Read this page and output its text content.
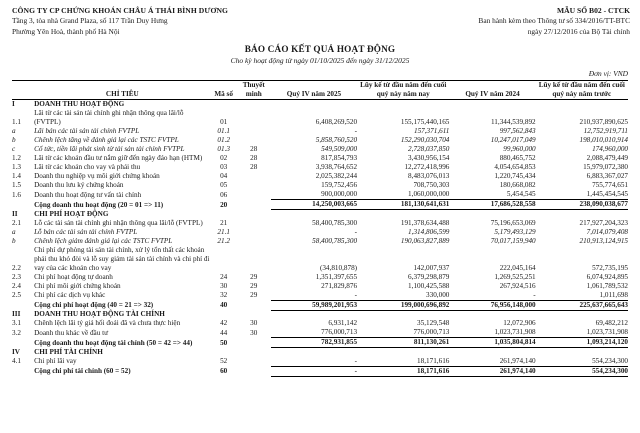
CÔNG TY CP CHỨNG KHOÁN CHÂU Á THÁI BÌNH DƯƠNG
Tầng 3, tòa nhà Grand Plaza, số 117 Trần Duy Hưng
Phường Yên Hoà, thành phố Hà Nội
MẪU SỐ B02 - CTCK
Ban hành kèm theo Thông tư số 334/2016/TT-BTC
ngày 27/12/2016 của Bộ Tài chính
BÁO CÁO KẾT QUẢ HOẠT ĐỘNG
Cho kỳ hoạt động từ ngày 01/10/2025 đến ngày 31/12/2025
Đơn vị: VND
	CHỈ TIÊU	Mã số	Thuyết minh	Quý IV năm 2025	Lũy kế từ đầu năm đến cuối quý này năm nay	Quý IV năm 2024	Lũy kế từ đầu năm đến cuối quý này năm trước
I	DOANH THU HOẠT ĐỘNG						
1.1	Lãi từ các tài sản tài chính ghi nhận thông qua lãi/lỗ (FVTPL)	01		6,408,269,520	155,175,440,165	11,344,539,892	210,937,890,625
a	Lãi bán các tài sản tài chính FVTPL	01.1		-	157,371,611	997,562,843	12,752,919,711
b	Chênh lệch tăng về đánh giá lại các TSTC FVTPL	01.2		5,858,760,520	152,290,030,704	10,247,017,049	198,010,010,914
c	Cổ tức, tiền lãi phát sinh từ tài sản tài chính FVTPL	01.3	28	549,509,000	2,728,037,850	99,960,000	174,960,000
1.2	Lãi từ các khoản đầu tư nắm giữ đến ngày đáo hạn (HTM)	02	28	817,854,793	3,430,956,154	880,465,752	2,088,479,449
1.3	Lãi từ các khoản cho vay và phải thu	03	28	3,938,764,652	12,272,418,996	4,054,654,853	15,979,072,380
1.4	Doanh thu nghiệp vụ môi giới chứng khoán	04		2,025,382,244	8,483,076,013	1,220,745,434	6,883,367,027
1.5	Doanh thu lưu ký chứng khoán	05		159,752,456	708,750,303	180,668,082	755,774,651
1.6	Doanh thu hoạt động tư vấn tài chính	06		900,000,000	1,060,000,000	5,454,545	1,445,454,545
	Cộng doanh thu hoạt động (20 = 01 => 11)	20		14,250,003,665	181,130,641,631	17,686,528,558	238,090,038,677
II	CHI PHÍ HOẠT ĐỘNG						
2.1	Lỗ các tài sản tài chính ghi nhận thông qua lãi/lỗ (FVTPL)	21		58,400,785,300	191,378,634,488	75,196,653,069	217,927,204,323
a	Lỗ bán các tài sản tài chính FVTPL	21.1		-	1,314,806,599	5,179,493,129	7,014,079,408
b	Chênh lệch giảm đánh giá lại các TSTC FVTPL	21.2		58,400,785,300	190,063,827,889	70,017,159,940	210,913,124,915
2.2	Chi phí dự phòng tài sản tài chính, xử lý tổn thất các khoản phải thu khó đòi và lỗ suy giảm tài sản tài chính và chi phí đi vay của các khoản cho vay			(34,810,878)	142,007,937	222,045,164	572,735,195
2.3	Chi phí hoạt động tự doanh	24	29	1,351,397,655	6,379,298,879	1,269,525,251	6,074,924,895
2.4	Chi phí môi giới chứng khoán	30	29	271,829,876	1,100,425,588	267,924,516	1,061,789,532
2.5	Chi phí các dịch vụ khác	32	29	-	330,000	-	1,011,698
	Cộng chi phí hoạt động (40 = 21 => 32)	40		59,989,201,953	199,000,696,892	76,956,148,000	225,637,665,643
III	DOANH THU HOẠT ĐỘNG TÀI CHÍNH						
3.1	Chênh lệch lãi tỷ giá hối đoái đã và chưa thực hiện	42	30	6,931,142	35,129,548	12,072,906	69,482,212
3.2	Doanh thu khác về đầu tư	44	30	776,000,713	776,000,713	1,023,731,908	1,023,731,908
	Cộng doanh thu hoạt động tài chính (50 = 42 => 44)	50		782,931,855	811,130,261	1,035,804,814	1,093,214,120
IV	CHI PHÍ TÀI CHÍNH						
4.1	Chi phí lãi vay	52		-	18,171,616	261,974,140	554,234,300
	Cộng chi phí tài chính (60 = 52)	60		-	18,171,616	261,974,140	554,234,300
